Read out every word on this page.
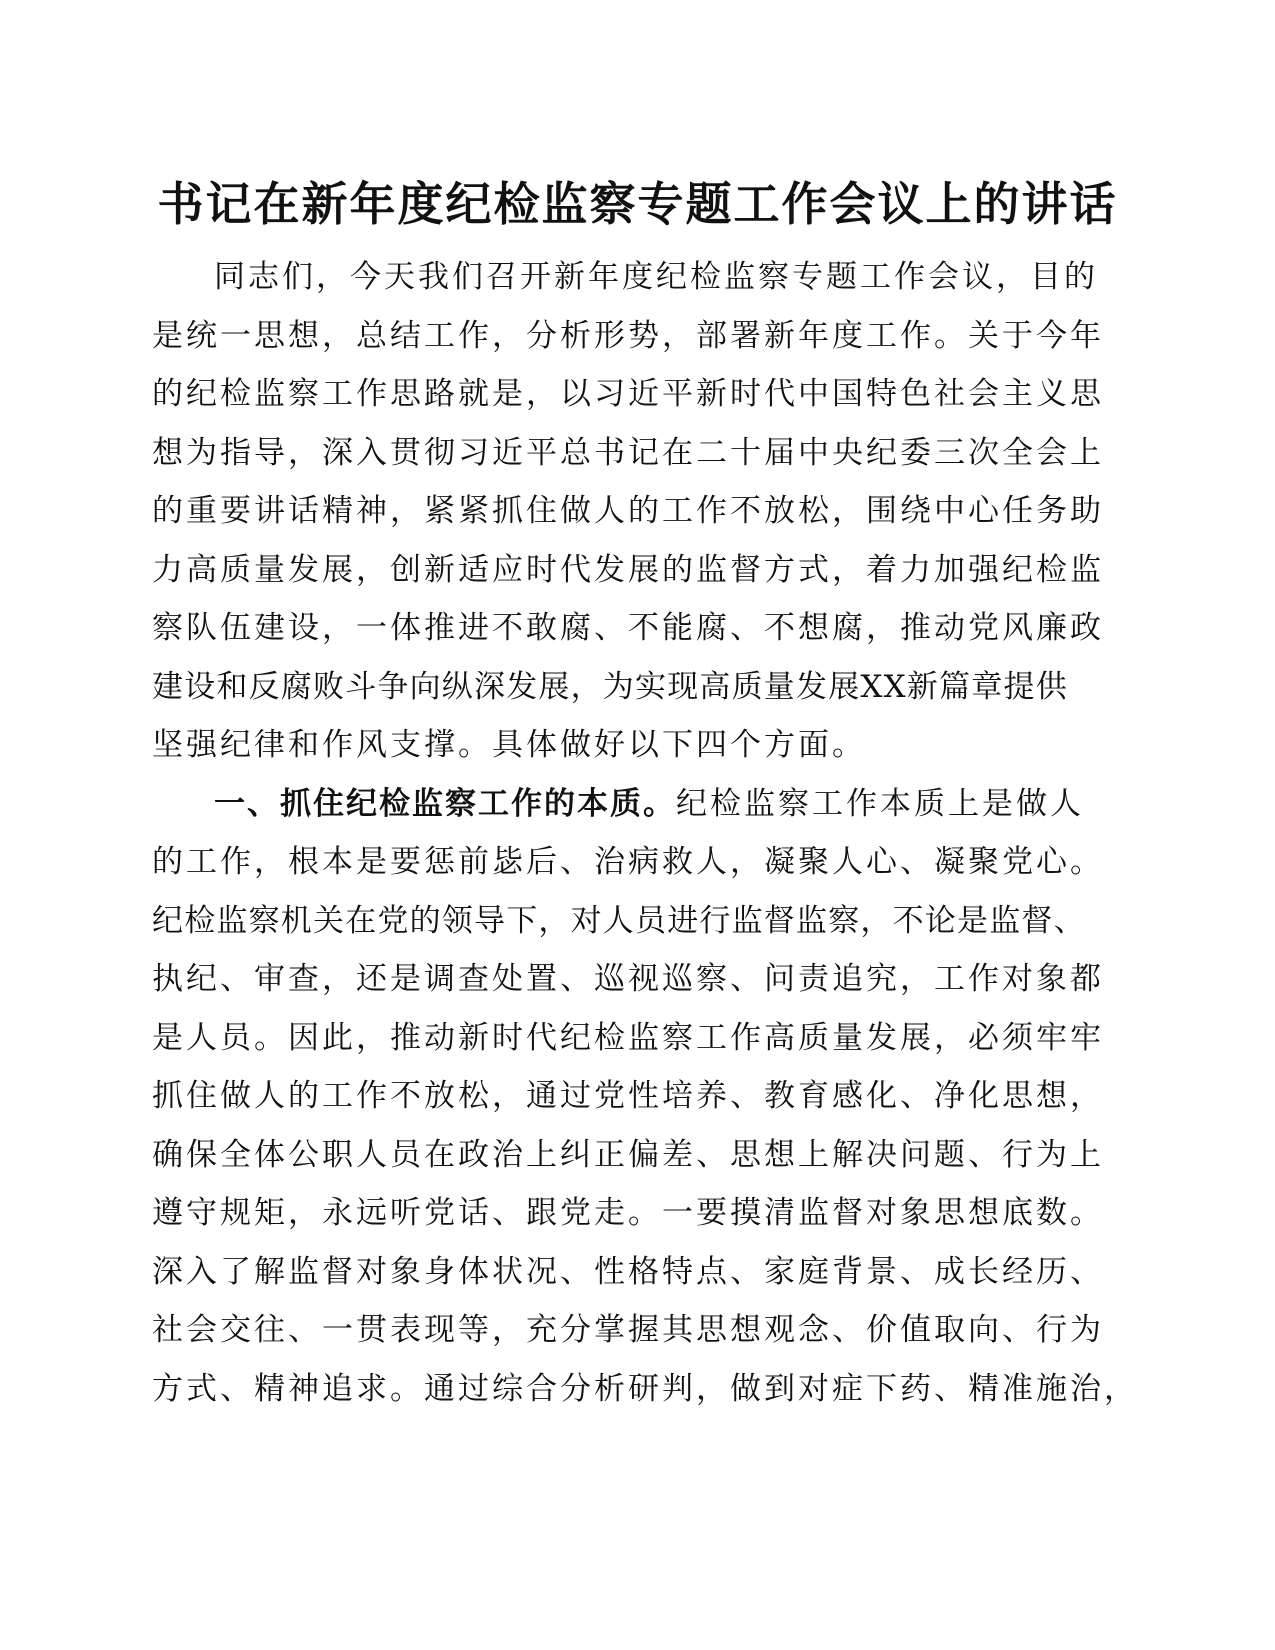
书记在新年度纪检监察专题工作会议上的讲话
同志们，今天我们召开新年度纪检监察专题工作会议，目的
是统一思想，总结工作，分析形势，部署新年度工作。关于今年
的纪检监察工作思路就是，以习近平新时代中国特色社会主义思
想为指导，深入贯彻习近平总书记在二十届中央纪委三次全会上
的重要讲话精神，紧紧抓住做人的工作不放松，围绕中心任务助
力高质量发展，创新适应时代发展的监督方式，着力加强纪检监
察队伍建设，一体推进不敢腐、不能腐、不想腐，推动党风廉政
建设和反腐败斗争向纵深发展，为实现高质量发展XX新篇章提供
坚强纪律和作风支撑。具体做好以下四个方面。
一、抓住纪检监察工作的本质。纪检监察工作本质上是做人
的工作，根本是要惩前毖后、治病救人，凝聚人心、凝聚党心。
纪检监察机关在党的领导下，对人员进行监督监察，不论是监督、
执纪、审查，还是调查处置、巡视巡察、问责追究，工作对象都
是人员。因此，推动新时代纪检监察工作高质量发展，必须牢牢
抓住做人的工作不放松，通过党性培养、教育感化、净化思想，
确保全体公职人员在政治上纠正偏差、思想上解决问题、行为上
遵守规矩，永远听党话、跟党走。一要摸清监督对象思想底数。
深入了解监督对象身体状况、性格特点、家庭背景、成长经历、
社会交往、一贯表现等，充分掌握其思想观念、价值取向、行为
方式、精神追求。通过综合分析研判，做到对症下药、精准施治，
